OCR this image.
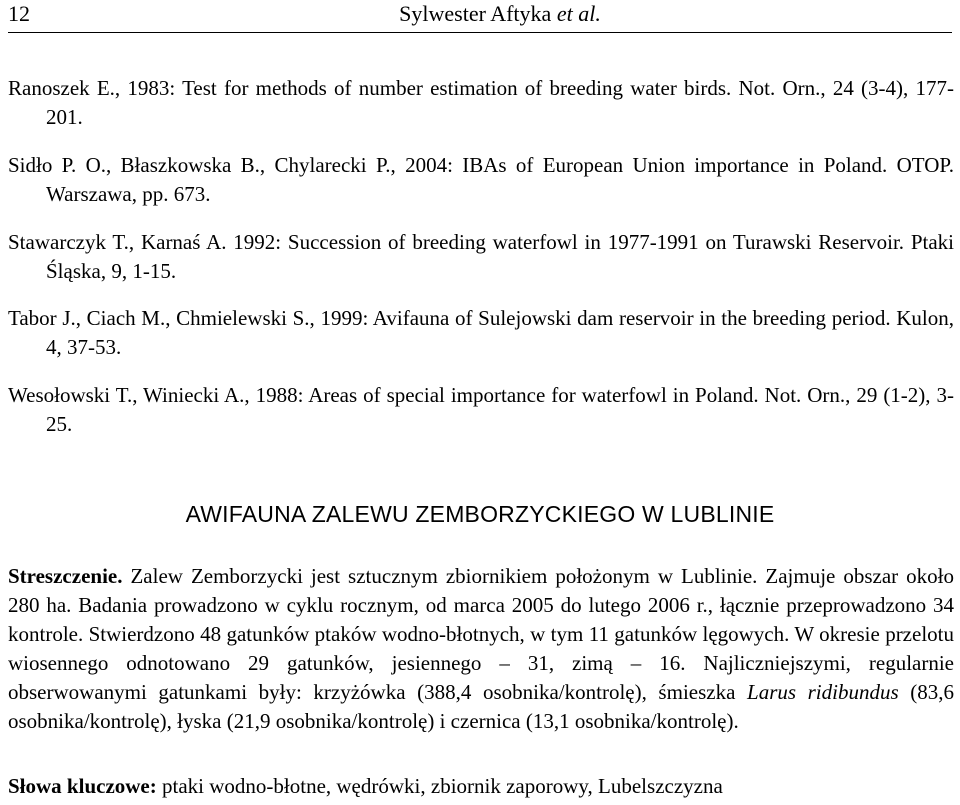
12	Sylwester Aftyka et al.

Ranoszek E., 1983: Test for methods of number estimation of breeding water birds. Not. Orn., 24 (3-4), 177-201.

Sidło P. O., Błaszkowska B., Chylarecki P., 2004: IBAs of European Union importance in Poland. OTOP. Warszawa, pp. 673.

Stawarczyk T., Karnaś A. 1992: Succession of breeding waterfowl in 1977-1991 on Turawski Reservoir. Ptaki Śląska, 9, 1-15.

Tabor J., Ciach M., Chmielewski S., 1999: Avifauna of Sulejowski dam reservoir in the breeding period. Kulon, 4, 37-53.

Wesołowski T., Winiecki A., 1988: Areas of special importance for waterfowl in Poland. Not. Orn., 29 (1-2), 3-25.

AWIFAUNA ZALEWU ZEMBORZYCKIEGO W LUBLINIE

Streszczenie. Zalew Zemborzycki jest sztucznym zbiornikiem położonym w Lublinie. Zajmuje obszar około 280 ha. Badania prowadzono w cyklu rocznym, od marca 2005 do lutego 2006 r., łącznie przeprowadzono 34 kontrole. Stwierdzono 48 gatunków ptaków wodno-błotnych, w tym 11 gatunków lęgowych. W okresie przelotu wiosennego odnotowano 29 gatunków, jesiennego – 31, zimą – 16. Najliczniejszymi, regularnie obserwowanymi gatunkami były: krzyżówka (388,4 osobnika/kontrolę), śmieszka Larus ridibundus (83,6 osobnika/kontrolę), łyska (21,9 osobnika/kontrolę) i czernica (13,1 osobnika/kontrolę).

Słowa kluczowe: ptaki wodno-błotne, wędrówki, zbiornik zaporowy, Lubelszczyzna
